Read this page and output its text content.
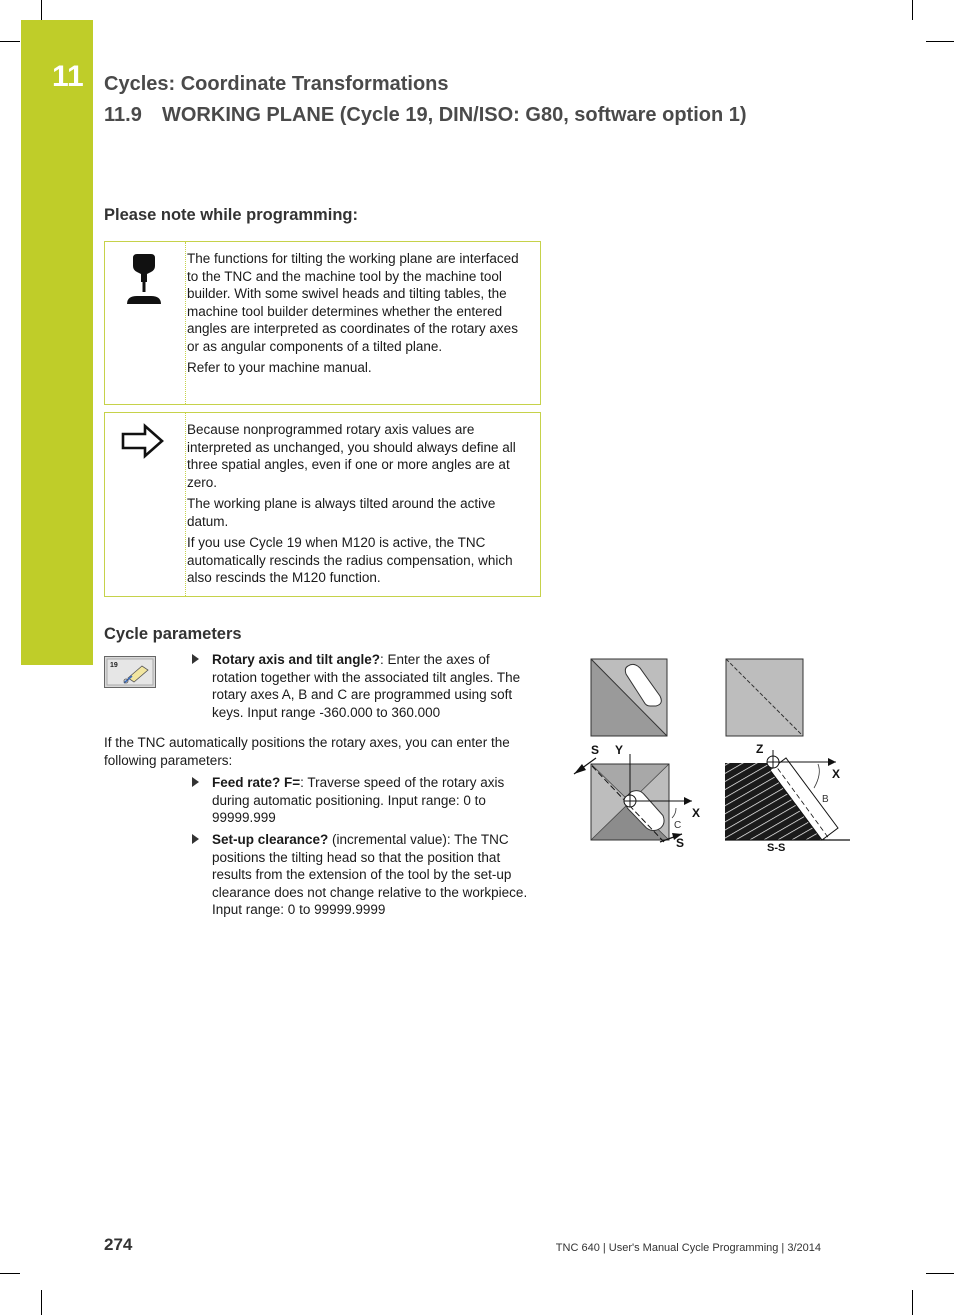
11 Cycles: Coordinate Transformations
11.9 WORKING PLANE (Cycle 19, DIN/ISO: G80, software option 1)
Please note while programming:

The functions for tilting the working plane are interfaced to the TNC and the machine tool by the machine tool builder. With some swivel heads and tilting tables, the machine tool builder determines whether the entered angles are interpreted as coordinates of the rotary axes or as angular components of a tilted plane.

Refer to your machine manual.

Because nonprogrammed rotary axis values are interpreted as unchanged, you should always define all three spatial angles, even if one or more angles are at zero.

The working plane is always tilted around the active datum.

If you use Cycle 19 when M120 is active, the TNC automatically rescinds the radius compensation, which also rescinds the M120 function.

Cycle parameters
19	Rotary axis and tilt angle?: Enter the axes of rotation together with the associated tilt angles. The rotary axes A, B and C are programmed using soft keys. Input range -360.000 to 360.000
If the TNC automatically positions the rotary axes, you can enter the following parameters:
Feed rate? F=: Traverse speed of the rotary axis during automatic positioning. Input range: 0 to 99999.999
Set-up clearance? (incremental value): The TNC positions the tilting head so that the position that results from the extension of the tool by the set-up clearance does not change relative to the workpiece. Input range: 0 to 99999.9999
S Y
X
C
S
Z
X
B
S-S
274	TNC 640 | User's Manual Cycle Programming | 3/2014
